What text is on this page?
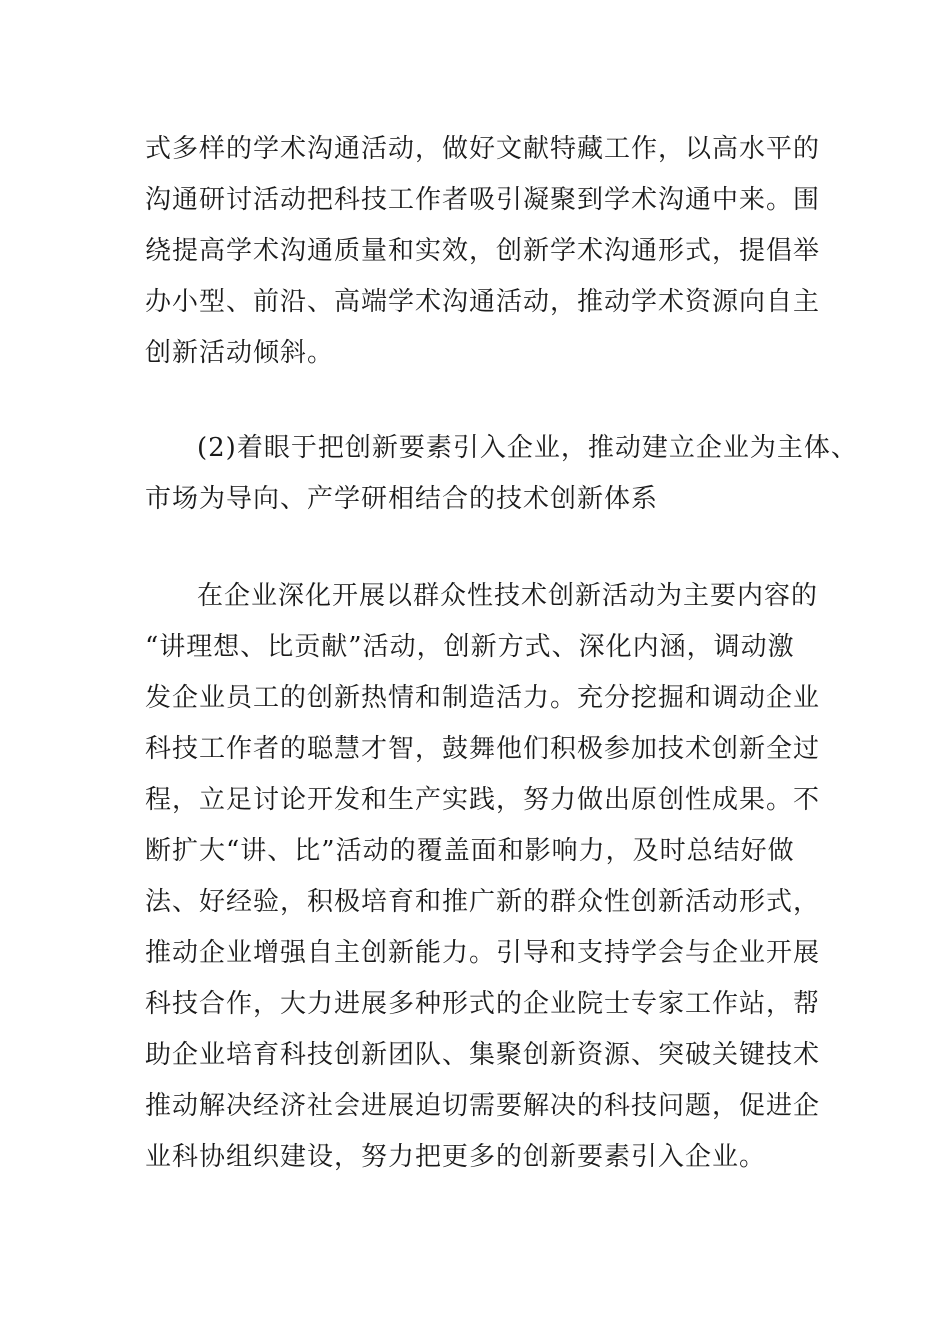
式多样的学术沟通活动，做好文献特藏工作，以高水平的
沟通研讨活动把科技工作者吸引凝聚到学术沟通中来。围
绕提高学术沟通质量和实效，创新学术沟通形式，提倡举
办小型、前沿、高端学术沟通活动，推动学术资源向自主
创新活动倾斜。
(2)着眼于把创新要素引入企业，推动建立企业为主体、
市场为导向、产学研相结合的技术创新体系
在企业深化开展以群众性技术创新活动为主要内容的
“讲理想、比贡献”活动，创新方式、深化内涵，调动激
发企业员工的创新热情和制造活力。充分挖掘和调动企业
科技工作者的聪慧才智，鼓舞他们积极参加技术创新全过
程，立足讨论开发和生产实践，努力做出原创性成果。不
断扩大“讲、比”活动的覆盖面和影响力，及时总结好做
法、好经验，积极培育和推广新的群众性创新活动形式，
推动企业增强自主创新能力。引导和支持学会与企业开展
科技合作，大力进展多种形式的企业院士专家工作站，帮
助企业培育科技创新团队、集聚创新资源、突破关键技术
推动解决经济社会进展迫切需要解决的科技问题，促进企
业科协组织建设，努力把更多的创新要素引入企业。
